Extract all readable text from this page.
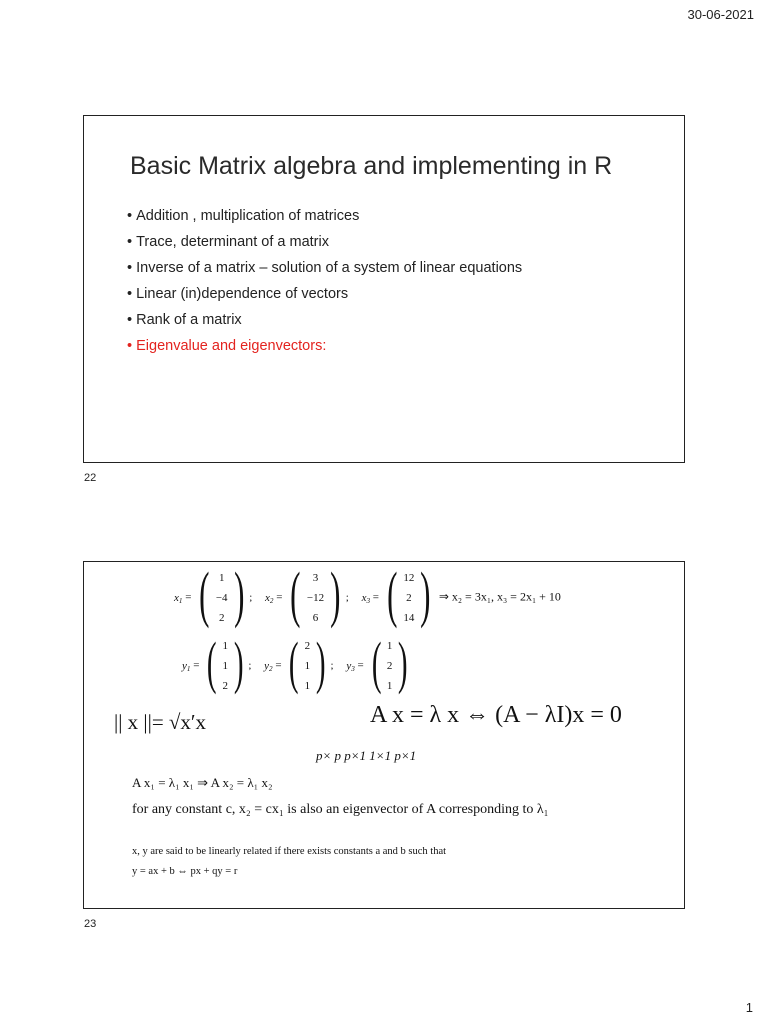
30-06-2021
Basic Matrix algebra and implementing in R
• Addition , multiplication of matrices
• Trace, determinant of a matrix
• Inverse of a matrix – solution of a system of linear equations
• Linear (in)dependence of vectors
• Rank of a matrix
• Eigenvalue and eigenvectors:
22
$x_1$ = ( 1
−4
2 ) ; $x_2$ = ( 3
−12
6 ) ; $x_3$ = ( 12
2
14 ) ⇒ x₂ = 3x₁, x₃ = 2x₁ + 10
$y_1$ = ( 1
1
2 ) ; $y_2$ = ( 2
1
1 ) ; $y_3$ = ( 1
2
1 )
|| x ||= √x′x	A x = λ x ⇔ (A − λI)x = 0
p× p p×1 1×1 p×1
A x₁ = λ₁ x₁ ⇒ A x₂ = λ₁ x₂
for any constant c, x₂ = cx₁ is also an eigenvector of A corresponding to λ₁
x, y are said to be linearly related if there exists constants a and b such that
y = ax + b ⇔ px + qy = r
23
1
